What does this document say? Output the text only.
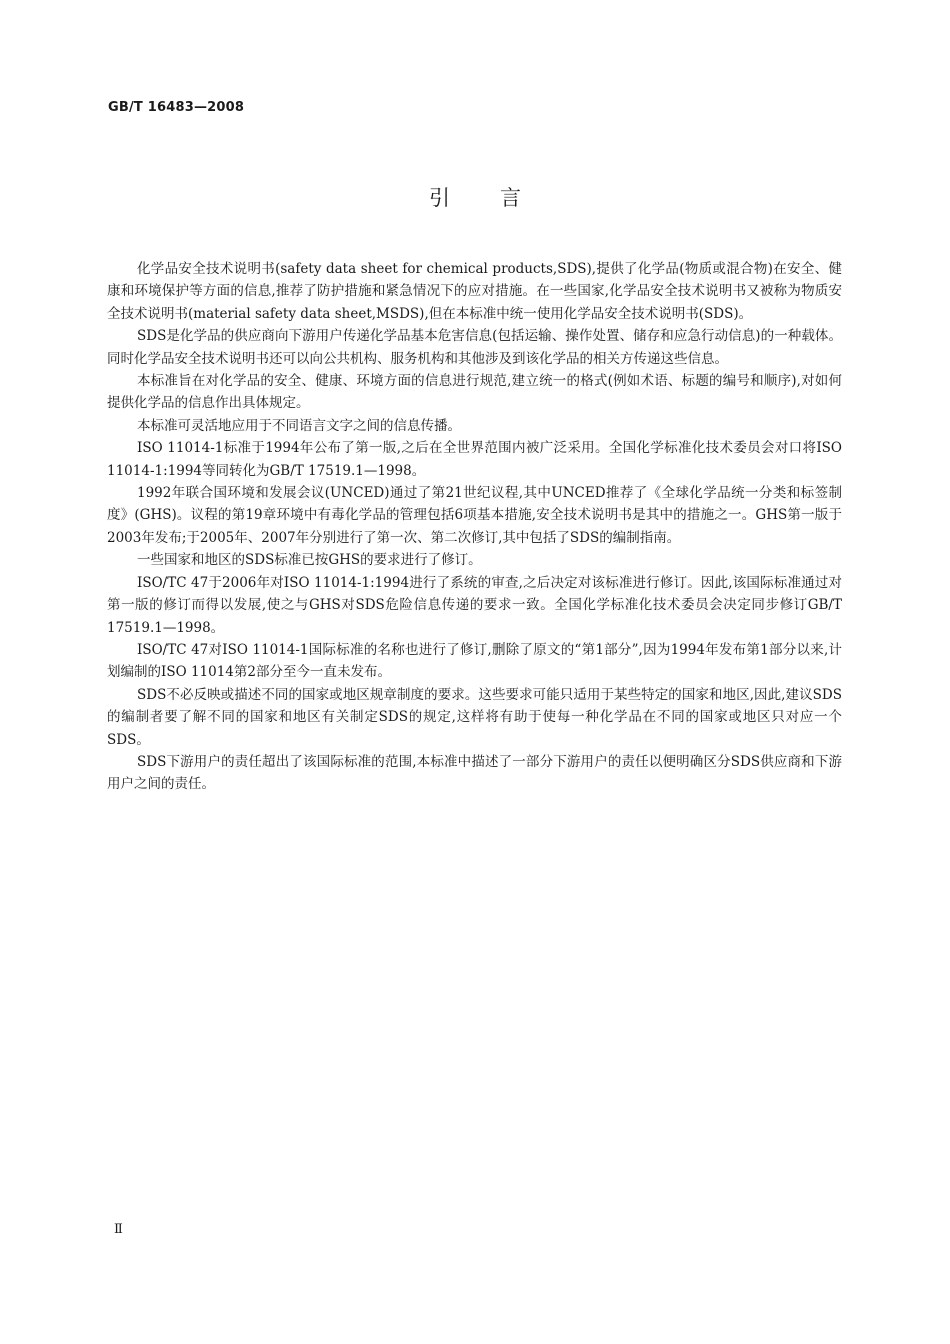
GB/T 16483—2008
引言

化学品安全技术说明书(safety data sheet for chemical products,SDS),提供了化学品(物质或混合物)在安全、健康和环境保护等方面的信息,推荐了防护措施和紧急情况下的应对措施。在一些国家,化学品安全技术说明书又被称为物质安全技术说明书(material safety data sheet,MSDS),但在本标准中统一使用化学品安全技术说明书(SDS)。

SDS是化学品的供应商向下游用户传递化学品基本危害信息(包括运输、操作处置、储存和应急行动信息)的一种载体。同时化学品安全技术说明书还可以向公共机构、服务机构和其他涉及到该化学品的相关方传递这些信息。

本标准旨在对化学品的安全、健康、环境方面的信息进行规范,建立统一的格式(例如术语、标题的编号和顺序),对如何提供化学品的信息作出具体规定。

本标准可灵活地应用于不同语言文字之间的信息传播。

ISO 11014-1标准于1994年公布了第一版,之后在全世界范围内被广泛采用。全国化学标准化技术委员会对口将ISO 11014-1:1994等同转化为GB/T 17519.1—1998。

1992年联合国环境和发展会议(UNCED)通过了第21世纪议程,其中UNCED推荐了《全球化学品统一分类和标签制度》(GHS)。议程的第19章环境中有毒化学品的管理包括6项基本措施,安全技术说明书是其中的措施之一。GHS第一版于2003年发布;于2005年、2007年分别进行了第一次、第二次修订,其中包括了SDS的编制指南。

一些国家和地区的SDS标准已按GHS的要求进行了修订。

ISO/TC 47于2006年对ISO 11014-1:1994进行了系统的审查,之后决定对该标准进行修订。因此,该国际标准通过对第一版的修订而得以发展,使之与GHS对SDS危险信息传递的要求一致。全国化学标准化技术委员会决定同步修订GB/T 17519.1—1998。

ISO/TC 47对ISO 11014-1国际标准的名称也进行了修订,删除了原文的“第1部分”,因为1994年发布第1部分以来,计划编制的ISO 11014第2部分至今一直未发布。

SDS不必反映或描述不同的国家或地区规章制度的要求。这些要求可能只适用于某些特定的国家和地区,因此,建议SDS的编制者要了解不同的国家和地区有关制定SDS的规定,这样将有助于使每一种化学品在不同的国家或地区只对应一个SDS。

SDS下游用户的责任超出了该国际标准的范围,本标准中描述了一部分下游用户的责任以便明确区分SDS供应商和下游用户之间的责任。

Ⅱ
